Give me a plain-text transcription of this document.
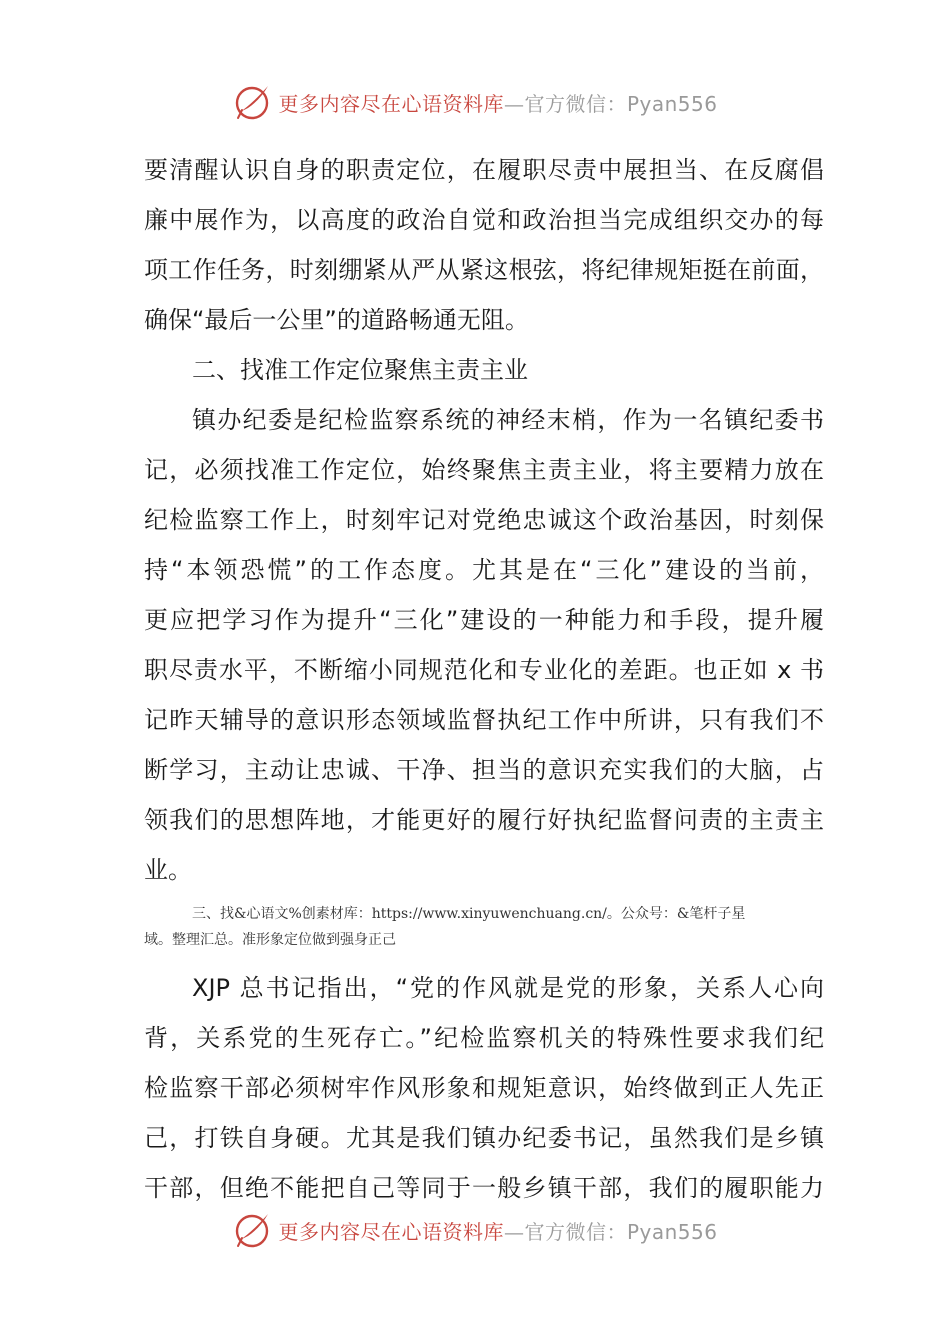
更多内容尽在心语资料库—官方微信：Pyan556
要清醒认识自身的职责定位，在履职尽责中展担当、在反腐倡
廉中展作为，以高度的政治自觉和政治担当完成组织交办的每
项工作任务，时刻绷紧从严从紧这根弦，将纪律规矩挺在前面，
确保“最后一公里”的道路畅通无阻。
二、找准工作定位聚焦主责主业
镇办纪委是纪检监察系统的神经末梢，作为一名镇纪委书
记，必须找准工作定位，始终聚焦主责主业，将主要精力放在
纪检监察工作上，时刻牢记对党绝忠诚这个政治基因，时刻保
持“本领恐慌”的工作态度。尤其是在“三化”建设的当前，
更应把学习作为提升“三化”建设的一种能力和手段，提升履
职尽责水平，不断缩小同规范化和专业化的差距。也正如 x 书
记昨天辅导的意识形态领域监督执纪工作中所讲，只有我们不
断学习，主动让忠诚、干净、担当的意识充实我们的大脑，占
领我们的思想阵地，才能更好的履行好执纪监督问责的主责主
业。
三、找&心语文%创素材库：https://www.xinyuwenchuang.cn/。公众号：&笔杆子星
域。整理汇总。准形象定位做到强身正己
XJP 总书记指出，“党的作风就是党的形象，关系人心向
背，关系党的生死存亡。”纪检监察机关的特殊性要求我们纪
检监察干部必须树牢作风形象和规矩意识，始终做到正人先正
己，打铁自身硬。尤其是我们镇办纪委书记，虽然我们是乡镇
干部，但绝不能把自己等同于一般乡镇干部，我们的履职能力
更多内容尽在心语资料库—官方微信：Pyan556
